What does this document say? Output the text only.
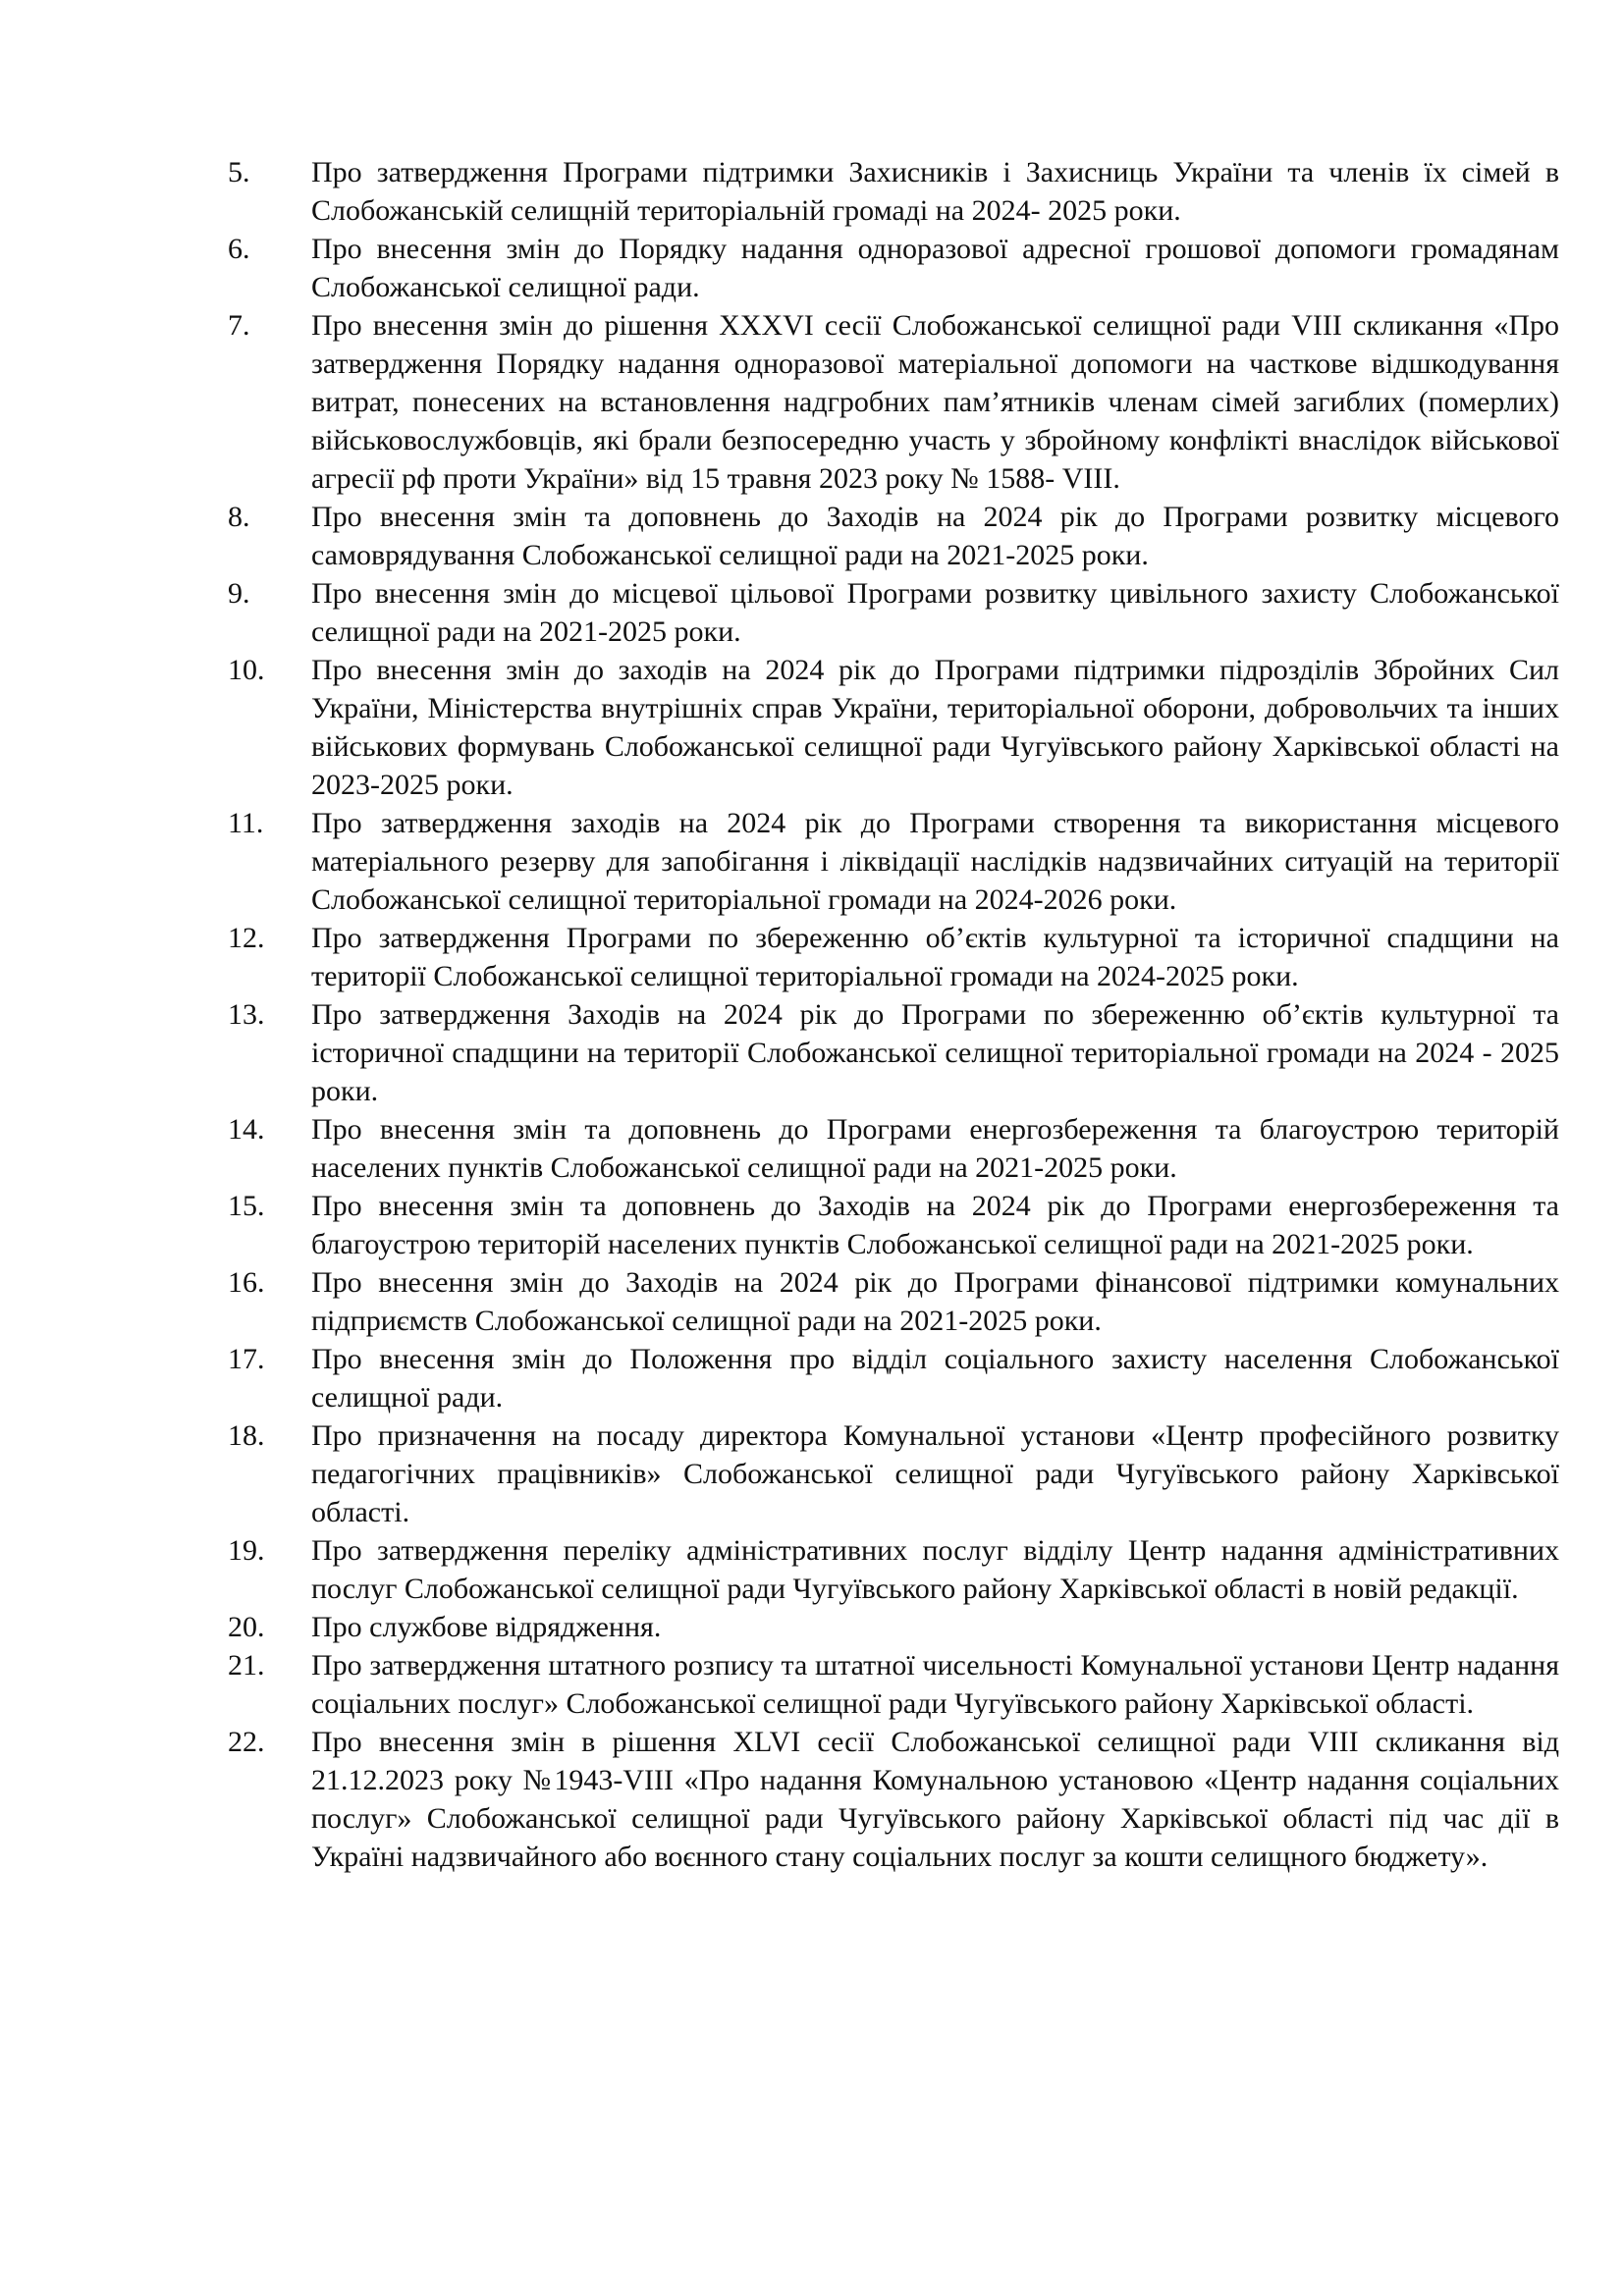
5.	Про затвердження Програми підтримки Захисників і Захисниць України та членів їх сімей в Слобожанській селищній територіальній громаді на 2024- 2025 роки.
6.	Про внесення змін до Порядку надання одноразової адресної грошової допомоги громадянам Слобожанської селищної ради.
7.	Про внесення змін до рішення XXXVI сесії Слобожанської селищної ради VIII скликання «Про затвердження Порядку надання одноразової матеріальної допомоги на часткове відшкодування витрат, понесених на встановлення надгробних пам’ятників членам сімей загиблих (померлих) військовослужбовців, які брали безпосередню участь у збройному конфлікті внаслідок військової агресії рф проти України» від 15 травня 2023 року № 1588- VIII.
8.	Про внесення змін та доповнень до Заходів на 2024 рік до Програми розвитку місцевого самоврядування Слобожанської селищної ради на 2021-2025 роки.
9.	Про внесення змін до місцевої цільової Програми розвитку цивільного захисту Слобожанської селищної ради на 2021-2025 роки.
10.	Про внесення змін до заходів на 2024 рік до Програми підтримки підрозділів Збройних Сил України, Міністерства внутрішніх справ України, територіальної оборони, добровольчих та інших військових формувань Слобожанської селищної ради Чугуївського району Харківської області на 2023-2025 роки.
11.	Про затвердження заходів на 2024 рік до Програми створення та використання місцевого матеріального резерву для запобігання і ліквідації наслідків надзвичайних ситуацій на території Слобожанської селищної територіальної громади на 2024-2026 роки.
12.	Про затвердження Програми по збереженню об’єктів культурної та історичної спадщини на території Слобожанської селищної територіальної громади на 2024-2025 роки.
13.	Про затвердження Заходів на 2024 рік до Програми по збереженню об’єктів культурної та історичної спадщини на території Слобожанської селищної територіальної громади на 2024 - 2025 роки.
14.	Про внесення змін та доповнень до Програми енергозбереження та благоустрою територій населених пунктів Слобожанської селищної ради на 2021-2025 роки.
15.	Про внесення змін та доповнень до Заходів на 2024 рік до Програми енергозбереження та благоустрою територій населених пунктів Слобожанської селищної ради на 2021-2025 роки.
16.	Про внесення змін до Заходів на 2024 рік до Програми фінансової підтримки комунальних підприємств Слобожанської селищної ради на 2021-2025 роки.
17.	Про внесення змін до Положення про відділ соціального захисту населення Слобожанської селищної ради.
18.	Про призначення на посаду директора Комунальної установи «Центр професійного розвитку педагогічних працівників» Слобожанської селищної ради Чугуївського району Харківської області.
19.	Про затвердження переліку адміністративних послуг відділу Центр надання адміністративних послуг Слобожанської селищної ради Чугуївського району Харківської області в новій редакції.
20.	Про службове відрядження.
21.	Про затвердження штатного розпису та штатної чисельності Комунальної установи Центр надання соціальних послуг» Слобожанської селищної ради Чугуївського району Харківської області.
22.	Про внесення змін в рішення XLVI сесії Слобожанської селищної ради VIII скликання від 21.12.2023 року №1943-VIII «Про надання Комунальною установою «Центр надання соціальних послуг» Слобожанської селищної ради Чугуївського району Харківської області під час дії в Україні надзвичайного або воєнного стану соціальних послуг за кошти селищного бюджету».
